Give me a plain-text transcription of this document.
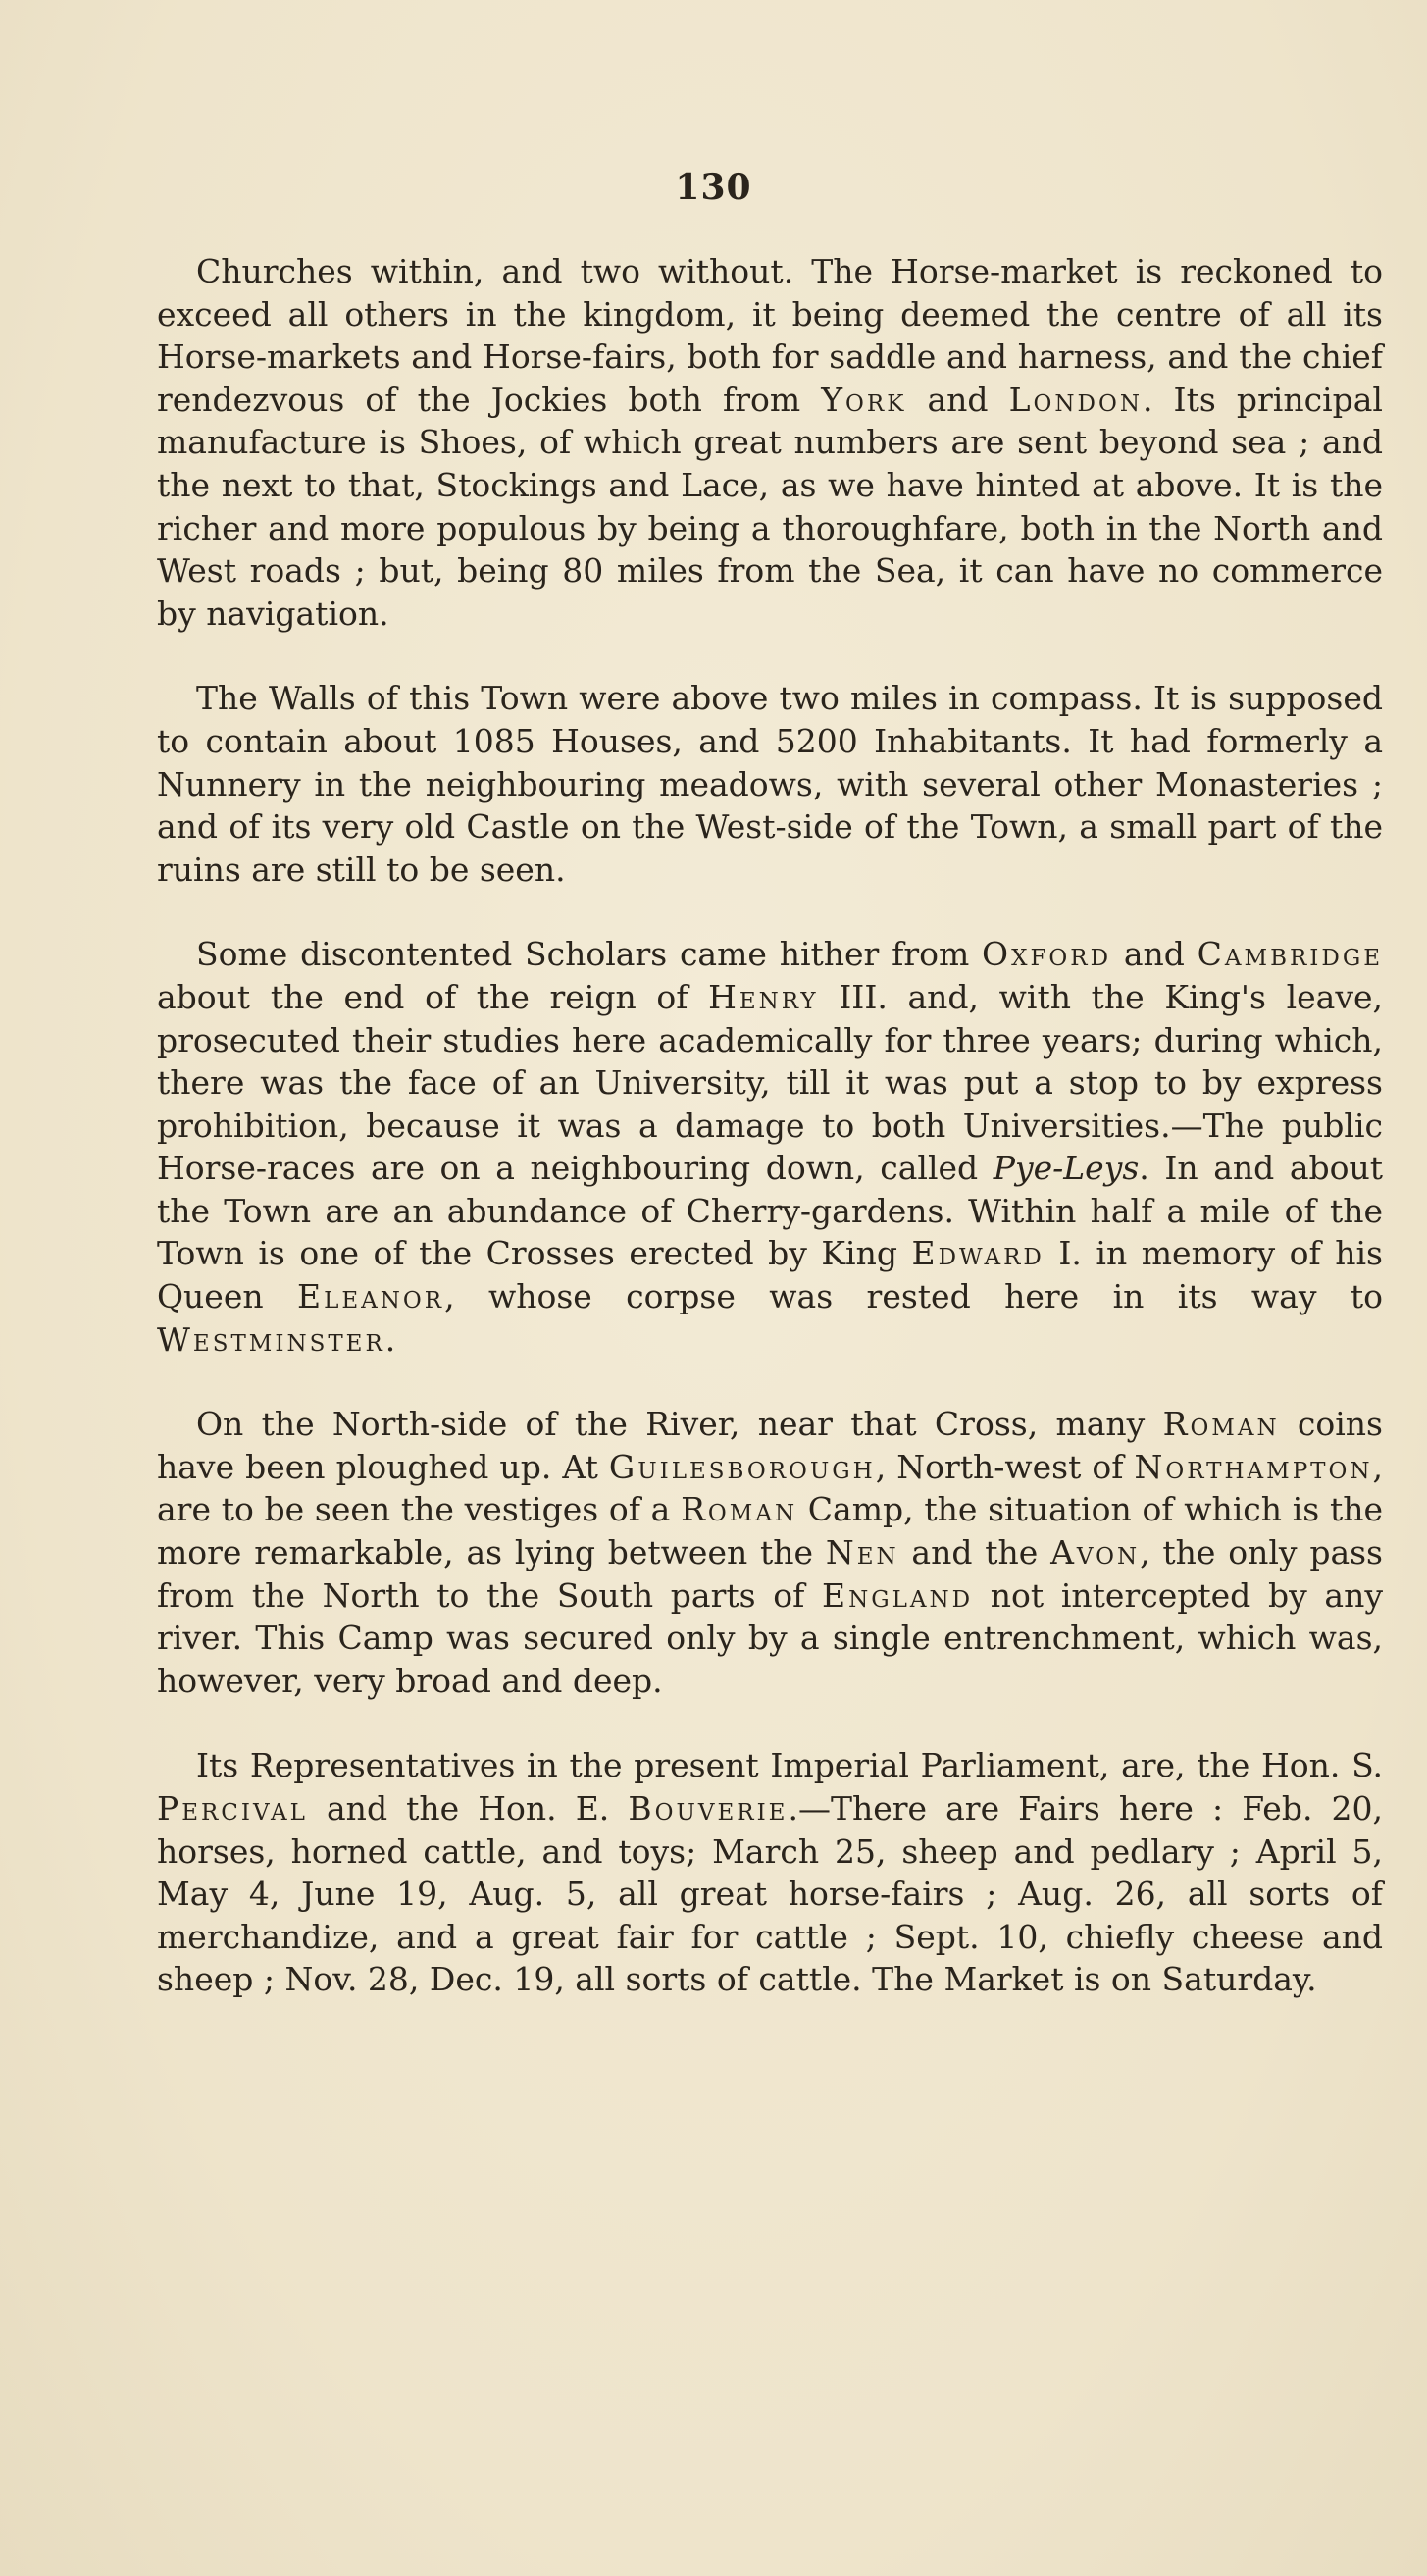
130

Churches within, and two without. The Horse-market is reckoned to exceed all others in the kingdom, it being deemed the centre of all its Horse-markets and Horse-fairs, both for saddle and harness, and the chief rendezvous of the Jockies both from York and London. Its principal manufacture is Shoes, of which great numbers are sent beyond sea ; and the next to that, Stockings and Lace, as we have hinted at above. It is the richer and more populous by being a thoroughfare, both in the North and West roads ; but, being 80 miles from the Sea, it can have no commerce by navigation.

The Walls of this Town were above two miles in compass. It is supposed to contain about 1085 Houses, and 5200 Inhabitants. It had formerly a Nunnery in the neighbouring meadows, with several other Monasteries ; and of its very old Castle on the West-side of the Town, a small part of the ruins are still to be seen.

Some discontented Scholars came hither from Oxford and Cambridge about the end of the reign of Henry III. and, with the King's leave, prosecuted their studies here academically for three years; during which, there was the face of an University, till it was put a stop to by express prohibition, because it was a damage to both Universities.—The public Horse-races are on a neighbouring down, called Pye-Leys. In and about the Town are an abundance of Cherry-gardens. Within half a mile of the Town is one of the Crosses erected by King Edward I. in memory of his Queen Eleanor, whose corpse was rested here in its way to Westminster.

On the North-side of the River, near that Cross, many Roman coins have been ploughed up. At Guilesborough, North-west of Northampton, are to be seen the vestiges of a Roman Camp, the situation of which is the more remarkable, as lying between the Nen and the Avon, the only pass from the North to the South parts of England not intercepted by any river. This Camp was secured only by a single entrenchment, which was, however, very broad and deep.

Its Representatives in the present Imperial Parliament, are, the Hon. S. Percival and the Hon. E. Bouverie.—There are Fairs here : Feb. 20, horses, horned cattle, and toys; March 25, sheep and pedlary ; April 5, May 4, June 19, Aug. 5, all great horse-fairs ; Aug. 26, all sorts of merchandize, and a great fair for cattle ; Sept. 10, chiefly cheese and sheep ; Nov. 28, Dec. 19, all sorts of cattle. The Market is on Saturday.
